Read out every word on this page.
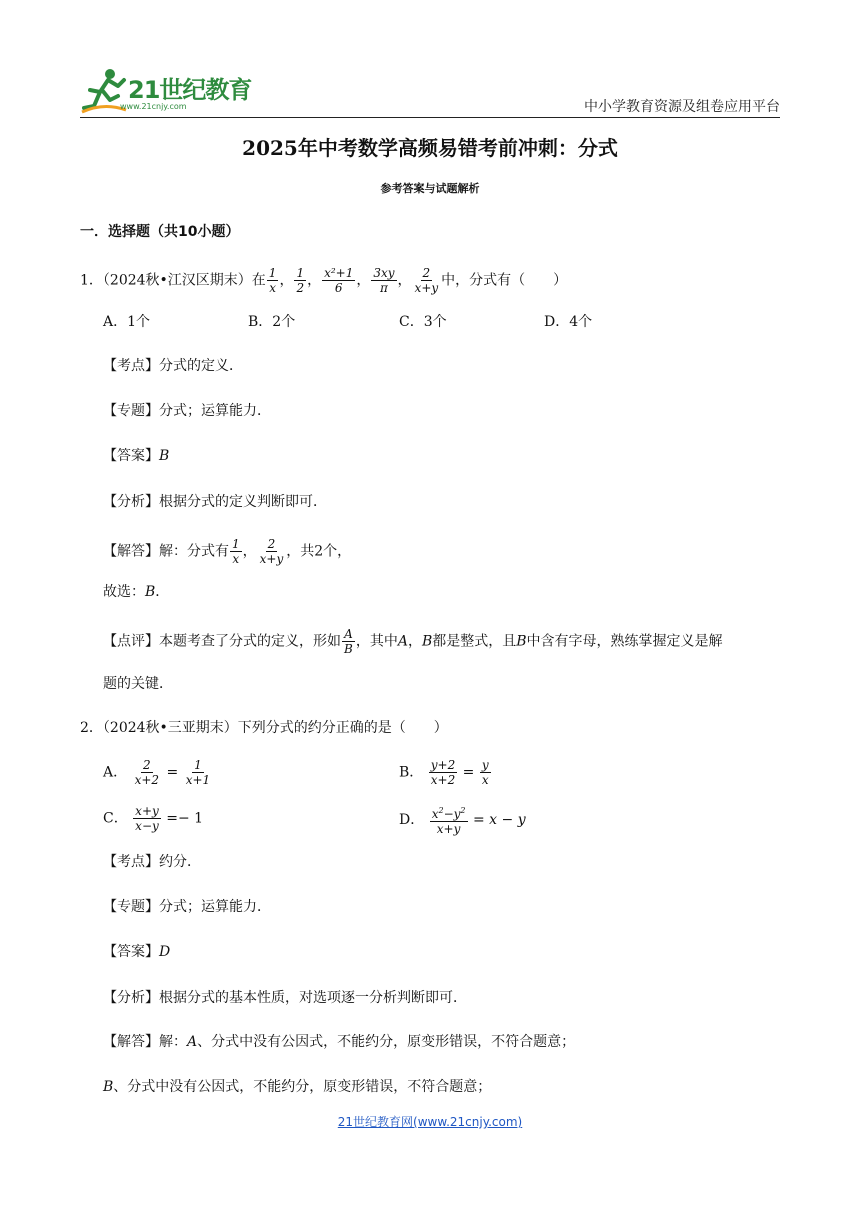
21世纪教育
www.21cnjy.com	中小学教育资源及组卷应用平台
2025年中考数学高频易错考前冲刺：分式
参考答案与试题解析
一．选择题（共10小题）
1．（2024秋•江汉区期末）在 $\frac{1}{x}$ ， $\frac{1}{2}$ ， $\frac{\text{x²+1}}{6}$ ， $\frac{3xy}{\pi}$ ， $\frac{2}{x+y}$ 中，分式有（　　）
A．1个	B．2个	C．3个	D．4个
【考点】分式的定义．
【专题】分式；运算能力．
【答案】B
【分析】根据分式的定义判断即可．
【解答】解：分式有 $\frac{1}{x}$ ， $\frac{2}{x+y}$ ，共2个，
故选：B．
【点评】本题考查了分式的定义，形如 $\frac{A}{B}$ ，其中A，B都是整式，且B中含有字母，熟练掌握定义是解
题的关键．
2．（2024秋•三亚期末）下列分式的约分正确的是（　　）
A． $\frac{2}{x+2} = \frac{1}{x+1}$	B． $\frac{y+2}{x+2} = \frac{y}{x}$
C． $\frac{x+y}{x-y} =- 1$	D． $\frac{x^2-y^2}{x+y} = x - y$
【考点】约分．
【专题】分式；运算能力．
【答案】D
【分析】根据分式的基本性质，对选项逐一分析判断即可．
【解答】解：A、分式中没有公因式，不能约分，原变形错误，不符合题意；
B、分式中没有公因式，不能约分，原变形错误，不符合题意；
21世纪教育网(www.21cnjy.com)
